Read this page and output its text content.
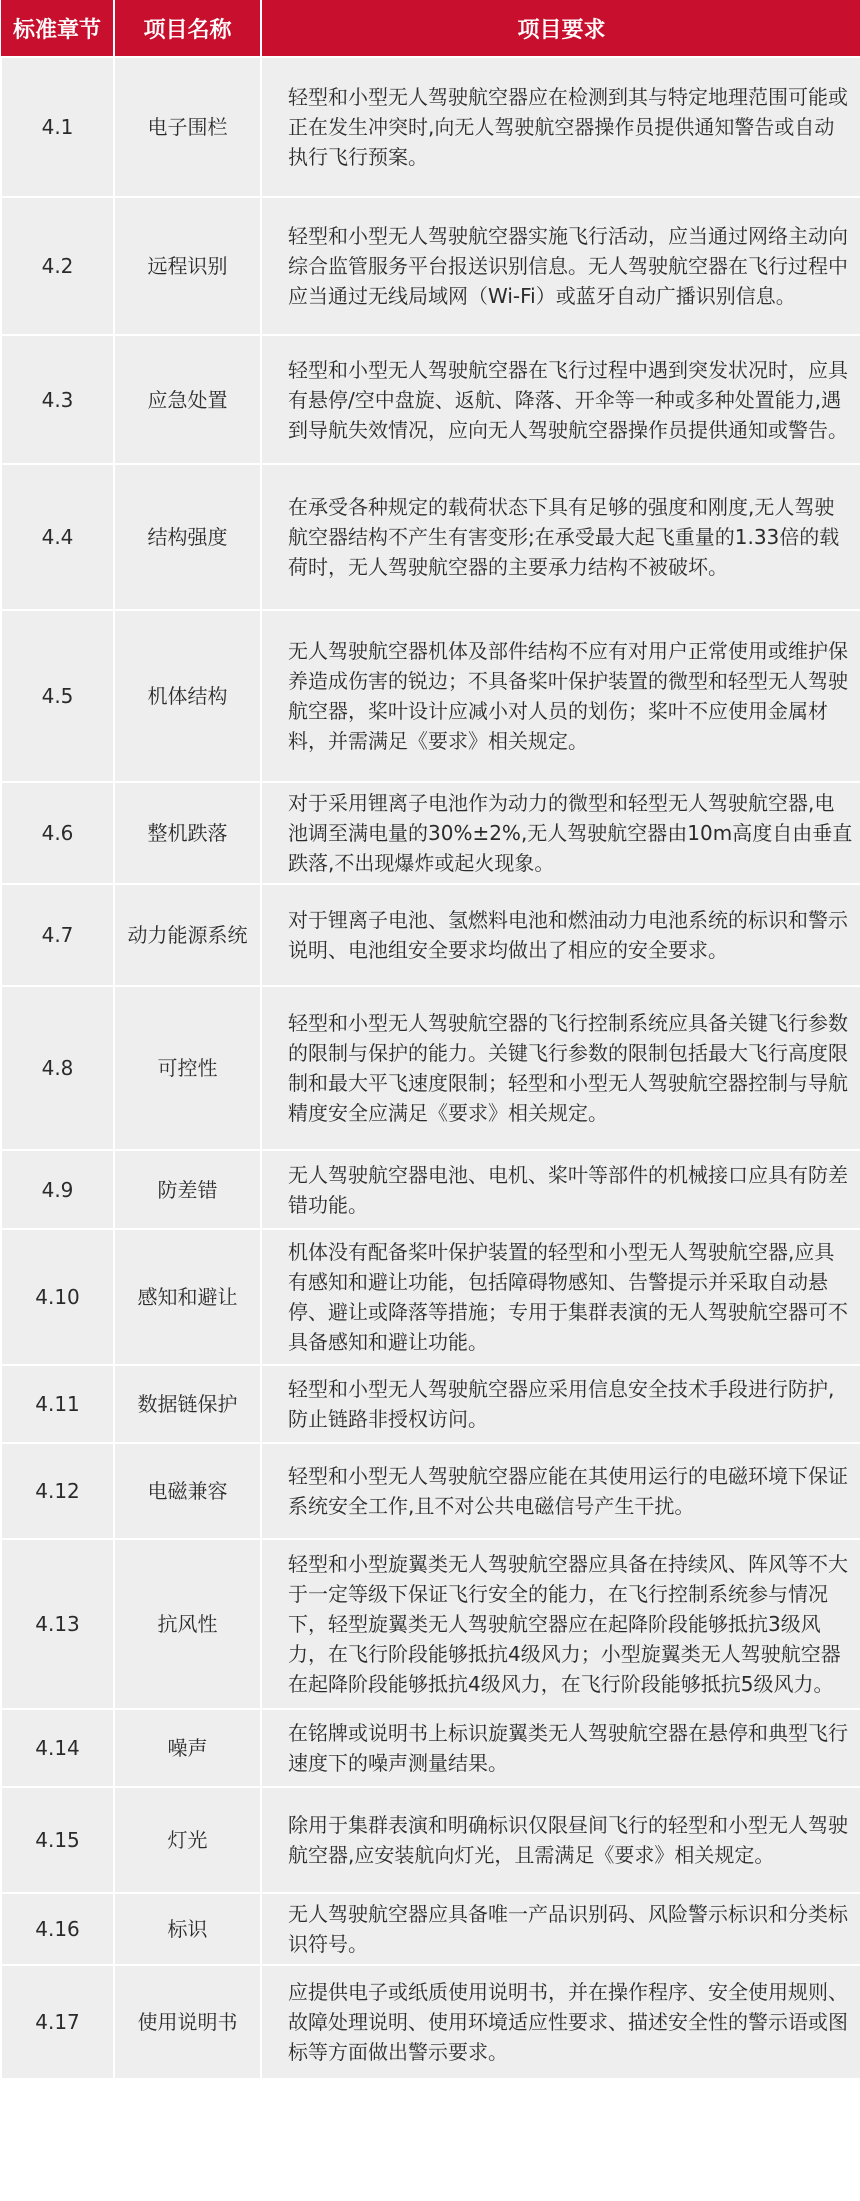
标准章节	项目名称	项目要求
4.1	电子围栏	轻型和小型无人驾驶航空器应在检测到其与特定地理范围可能或正在发生冲突时,向无人驾驶航空器操作员提供通知警告或自动执行飞行预案。
4.2	远程识别	轻型和小型无人驾驶航空器实施飞行活动，应当通过网络主动向综合监管服务平台报送识别信息。无人驾驶航空器在飞行过程中应当通过无线局域网（Wi-Fi）或蓝牙自动广播识别信息。
4.3	应急处置	轻型和小型无人驾驶航空器在飞行过程中遇到突发状况时，应具有悬停/空中盘旋、返航、降落、开伞等一种或多种处置能力,遇到导航失效情况，应向无人驾驶航空器操作员提供通知或警告。
4.4	结构强度	在承受各种规定的载荷状态下具有足够的强度和刚度,无人驾驶航空器结构不产生有害变形;在承受最大起飞重量的1.33倍的载荷时，无人驾驶航空器的主要承力结构不被破坏。
4.5	机体结构	无人驾驶航空器机体及部件结构不应有对用户正常使用或维护保养造成伤害的锐边；不具备桨叶保护装置的微型和轻型无人驾驶航空器，桨叶设计应减小对人员的划伤；桨叶不应使用金属材料，并需满足《要求》相关规定。
4.6	整机跌落	对于采用锂离子电池作为动力的微型和轻型无人驾驶航空器,电池调至满电量的30%±2%,无人驾驶航空器由10m高度自由垂直跌落,不出现爆炸或起火现象。
4.7	动力能源系统	对于锂离子电池、氢燃料电池和燃油动力电池系统的标识和警示说明、电池组安全要求均做出了相应的安全要求。
4.8	可控性	轻型和小型无人驾驶航空器的飞行控制系统应具备关键飞行参数的限制与保护的能力。关键飞行参数的限制包括最大飞行高度限制和最大平飞速度限制；轻型和小型无人驾驶航空器控制与导航精度安全应满足《要求》相关规定。
4.9	防差错	无人驾驶航空器电池、电机、桨叶等部件的机械接口应具有防差错功能。
4.10	感知和避让	机体没有配备桨叶保护装置的轻型和小型无人驾驶航空器,应具有感知和避让功能，包括障碍物感知、告警提示并采取自动悬停、避让或降落等措施；专用于集群表演的无人驾驶航空器可不具备感知和避让功能。
4.11	数据链保护	轻型和小型无人驾驶航空器应采用信息安全技术手段进行防护,防止链路非授权访问。
4.12	电磁兼容	轻型和小型无人驾驶航空器应能在其使用运行的电磁环境下保证系统安全工作,且不对公共电磁信号产生干扰。
4.13	抗风性	轻型和小型旋翼类无人驾驶航空器应具备在持续风、阵风等不大于一定等级下保证飞行安全的能力，在飞行控制系统参与情况下，轻型旋翼类无人驾驶航空器应在起降阶段能够抵抗3级风力，在飞行阶段能够抵抗4级风力；小型旋翼类无人驾驶航空器在起降阶段能够抵抗4级风力，在飞行阶段能够抵抗5级风力。
4.14	噪声	在铭牌或说明书上标识旋翼类无人驾驶航空器在悬停和典型飞行速度下的噪声测量结果。
4.15	灯光	除用于集群表演和明确标识仅限昼间飞行的轻型和小型无人驾驶航空器,应安装航向灯光，且需满足《要求》相关规定。
4.16	标识	无人驾驶航空器应具备唯一产品识别码、风险警示标识和分类标识符号。
4.17	使用说明书	应提供电子或纸质使用说明书，并在操作程序、安全使用规则、故障处理说明、使用环境适应性要求、描述安全性的警示语或图标等方面做出警示要求。
